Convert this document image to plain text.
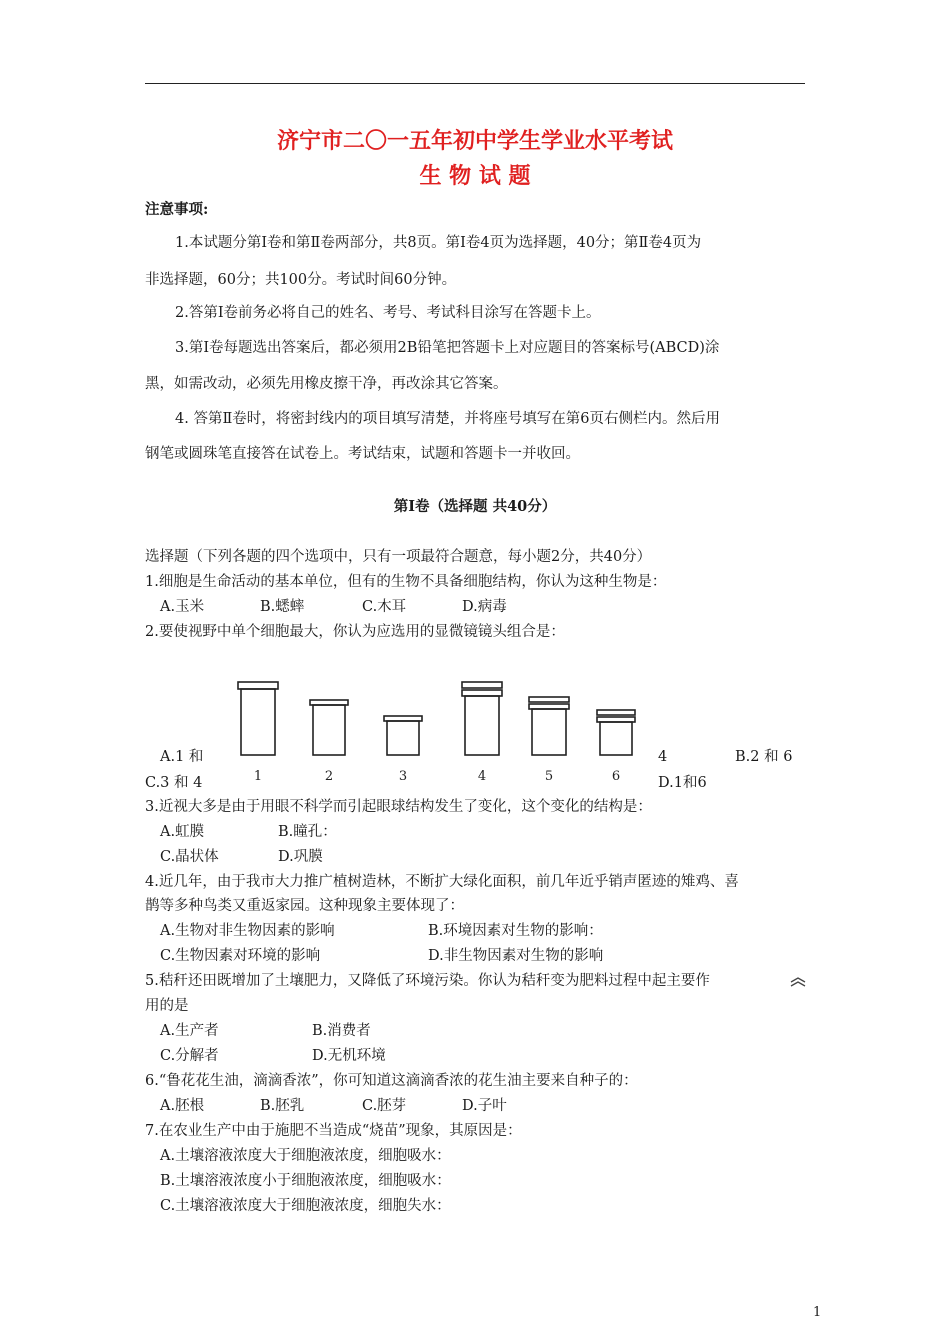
济宁市二〇一五年初中学生学业水平考试
生 物 试 题
注意事项:
1.本试题分第Ⅰ卷和第Ⅱ卷两部分，共8页。第Ⅰ卷4页为选择题，40分；第Ⅱ卷4页为
非选择题，60分；共100分。考试时间60分钟。
2.答第Ⅰ卷前务必将自己的姓名、考号、考试科目涂写在答题卡上。
3.第Ⅰ卷每题选出答案后，都必须用2B铅笔把答题卡上对应题目的答案标号(ABCD)涂
黑，如需改动，必须先用橡皮擦干净，再改涂其它答案。
4. 答第Ⅱ卷时，将密封线内的项目填写清楚，并将座号填写在第6页右侧栏内。然后用
钢笔或圆珠笔直接答在试卷上。考试结束，试题和答题卡一并收回。
第Ⅰ卷（选择题 共40分）
选择题（下列各题的四个选项中，只有一项最符合题意，每小题2分，共40分）
1.细胞是生命活动的基本单位，但有的生物不具备细胞结构，你认为这种生物是：
A.玉米	B.蟋蟀	C.木耳	D.病毒
2.要使视野中单个细胞最大，你认为应选用的显微镜镜头组合是：
1	2	3	4	5	6
A.1 和	4	B.2 和 6
C.3 和 4	D.1和6
3.近视大多是由于用眼不科学而引起眼球结构发生了变化，这个变化的结构是：
A.虹膜	B.瞳孔：
C.晶状体	D.巩膜
4.近几年，由于我市大力推广植树造林，不断扩大绿化面积，前几年近乎销声匿迹的雉鸡、喜
鹊等多种鸟类又重返家园。这种现象主要体现了：
A.生物对非生物因素的影响	B.环境因素对生物的影响：
C.生物因素对环境的影响	D.非生物因素对生物的影响
5.秸秆还田既增加了土壤肥力，又降低了环境污染。你认为秸秆变为肥料过程中起主要作
用的是
A.生产者	B.消费者
C.分解者	D.无机环境
6.“鲁花花生油，滴滴香浓”，你可知道这滴滴香浓的花生油主要来自种子的：
A.胚根	B.胚乳	C.胚芽	D.子叶
7.在农业生产中由于施肥不当造成“烧苗”现象，其原因是：
A.土壤溶液浓度大于细胞液浓度，细胞吸水：
B.土壤溶液浓度小于细胞液浓度，细胞吸水：
C.土壤溶液浓度大于细胞液浓度，细胞失水：
1
